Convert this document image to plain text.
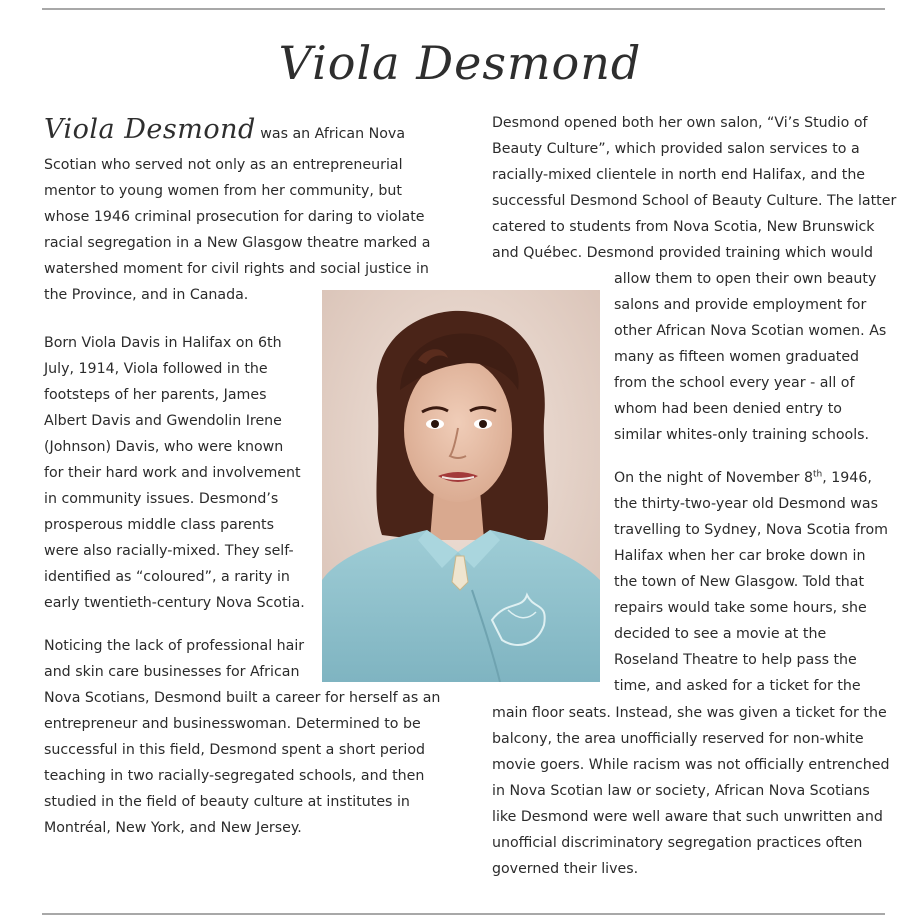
Viola Desmond
Viola Desmond was an African Nova
Scotian who served not only as an entrepreneurial
mentor to young women from her community, but
whose 1946 criminal prosecution for daring to violate
racial segregation in a New Glasgow theatre marked a
watershed moment for civil rights and social justice in
the Province, and in Canada.
Born Viola Davis in Halifax on 6th
July, 1914, Viola followed in the
footsteps of her parents, James
Albert Davis and Gwendolin Irene
(Johnson) Davis, who were known
for their hard work and involvement
in community issues. Desmond’s
prosperous middle class parents
were also racially-mixed. They self-
identified as “coloured”, a rarity in
early twentieth-century Nova Scotia.
Noticing the lack of professional hair
and skin care businesses for African
Nova Scotians, Desmond built a career for herself as an
entrepreneur and businesswoman. Determined to be
successful in this field, Desmond spent a short period
teaching in two racially-segregated schools, and then
studied in the field of beauty culture at institutes in
Montréal, New York, and New Jersey.
Desmond opened both her own salon, “Vi’s Studio of
Beauty Culture”, which provided salon services to a
racially-mixed clientele in north end Halifax, and the
successful Desmond School of Beauty Culture. The latter
catered to students from Nova Scotia, New Brunswick
and Québec. Desmond provided training which would
allow them to open their own beauty
salons and provide employment for
other African Nova Scotian women. As
many as fifteen women graduated
from the school every year - all of
whom had been denied entry to
similar whites-only training schools.
On the night of November 8th, 1946,
the thirty-two-year old Desmond was
travelling to Sydney, Nova Scotia from
Halifax when her car broke down in
the town of New Glasgow. Told that
repairs would take some hours, she
decided to see a movie at the
Roseland Theatre to help pass the
time, and asked for a ticket for the
main floor seats. Instead, she was given a ticket for the
balcony, the area unofficially reserved for non-white
movie goers. While racism was not officially entrenched
in Nova Scotian law or society, African Nova Scotians
like Desmond were well aware that such unwritten and
unofficial discriminatory segregation practices often
governed their lives.
